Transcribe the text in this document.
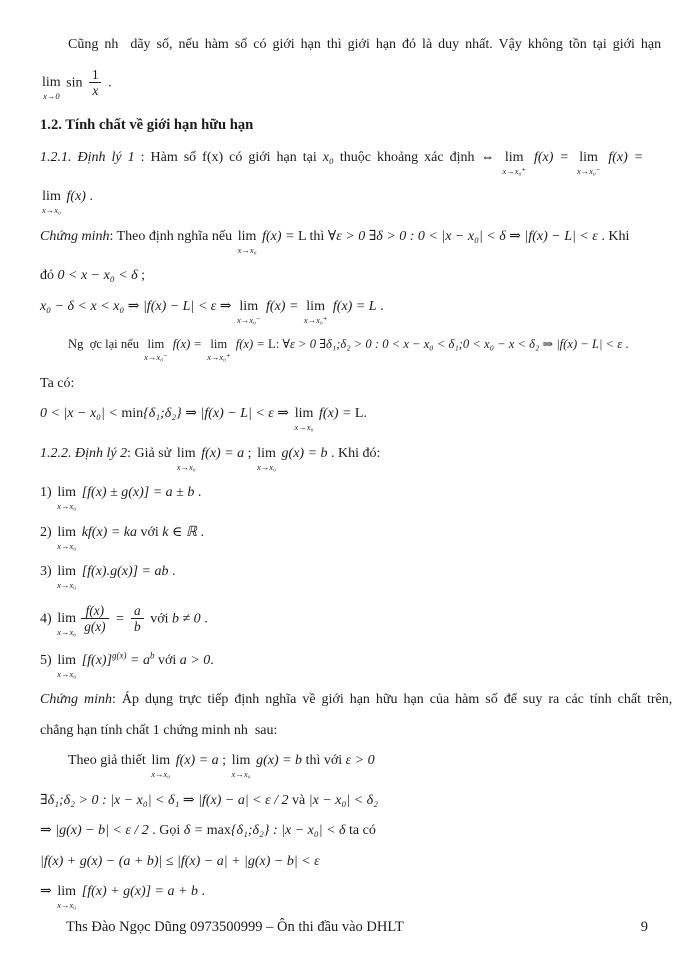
Cũng nh  dãy số, nếu hàm số có giới hạn thì giới hạn đó là duy nhất. Vậy không tồn tại giới hạn
lim
x→0
$\sin \frac{1}{x}$ .
1.2. Tính chất về giới hạn hữu hạn
1.2.1. Định lý 1 : Hàm số f(x) có giới hạn tại x₀ thuộc khoảng xác định ⇔ lim
x→x₀⁺
f(x) = lim
x→x₀⁻
f(x) =
lim
x→x₀
f(x) .
Chứng minh: Theo định nghĩa nếu lim
x→x₀
f(x) = L thì ∀ε > 0 ∃δ > 0 : 0 < |x − x₀| < δ ⇒ |f(x) − L| < ε . Khi
đó 0 < x − x₀ < δ ;
x₀ − δ < x < x₀ ⇒ |f(x) − L| < ε ⇒ lim
x→x₀⁻
f(x) = lim
x→x₀⁺
f(x) = L .
Ng  ợc lại nếu lim
x→x₀⁻
f(x) = lim
x→x₀⁺
f(x) = L: ∀ε > 0 ∃δ₁;δ₂ > 0 : 0 < x − x₀ < δ₁;0 < x₀ − x < δ₂ ⇒ |f(x) − L| < ε .
Ta có:
0 < |x − x₀| < min{δ₁;δ₂} ⇒ |f(x) − L| < ε ⇒ lim
x→x₀
f(x) = L.
1.2.2. Định lý 2: Giả sử lim
x→x₀
f(x) = a ; lim
x→x₀
g(x) = b . Khi đó:
1) lim
x→x₀
[f(x) ± g(x)] = a ± b .
2) lim
x→x₀
kf(x) = ka với k ∈ ℝ .
3) lim
x→x₀
[f(x).g(x)] = ab .
4) lim
$x\to x_0 \frac{f(x)}{g(x)} = \frac{a}{b}$ với b ≠ 0 .
5) lim
x→x₀
$[f(x)]^{g(x)} = a^b$ với a > 0.
Chứng minh: Áp dụng trực tiếp định nghĩa về giới hạn hữu hạn của hàm số để suy ra các tính chất trên,
chẳng hạn tính chất 1 chứng minh nh  sau:
Theo giả thiết lim
x→x₀
f(x) = a ; lim
x→x₀
g(x) = b thì với ε > 0
∃δ₁;δ₂ > 0 : |x − x₀| < δ₁ ⇒ |f(x) − a| < ε / 2 và |x − x₀| < δ₂
⇒ |g(x) − b| < ε / 2 . Gọi δ = max{δ₁;δ₂} : |x − x₀| < δ ta có
|f(x) + g(x) − (a + b)| ≤ |f(x) − a| + |g(x) − b| < ε
⇒ lim
x→x₀
[f(x) + g(x)] = a + b .
Ths Đào Ngọc Dũng 0973500999 – Ôn thi đầu vào DHLT	9
